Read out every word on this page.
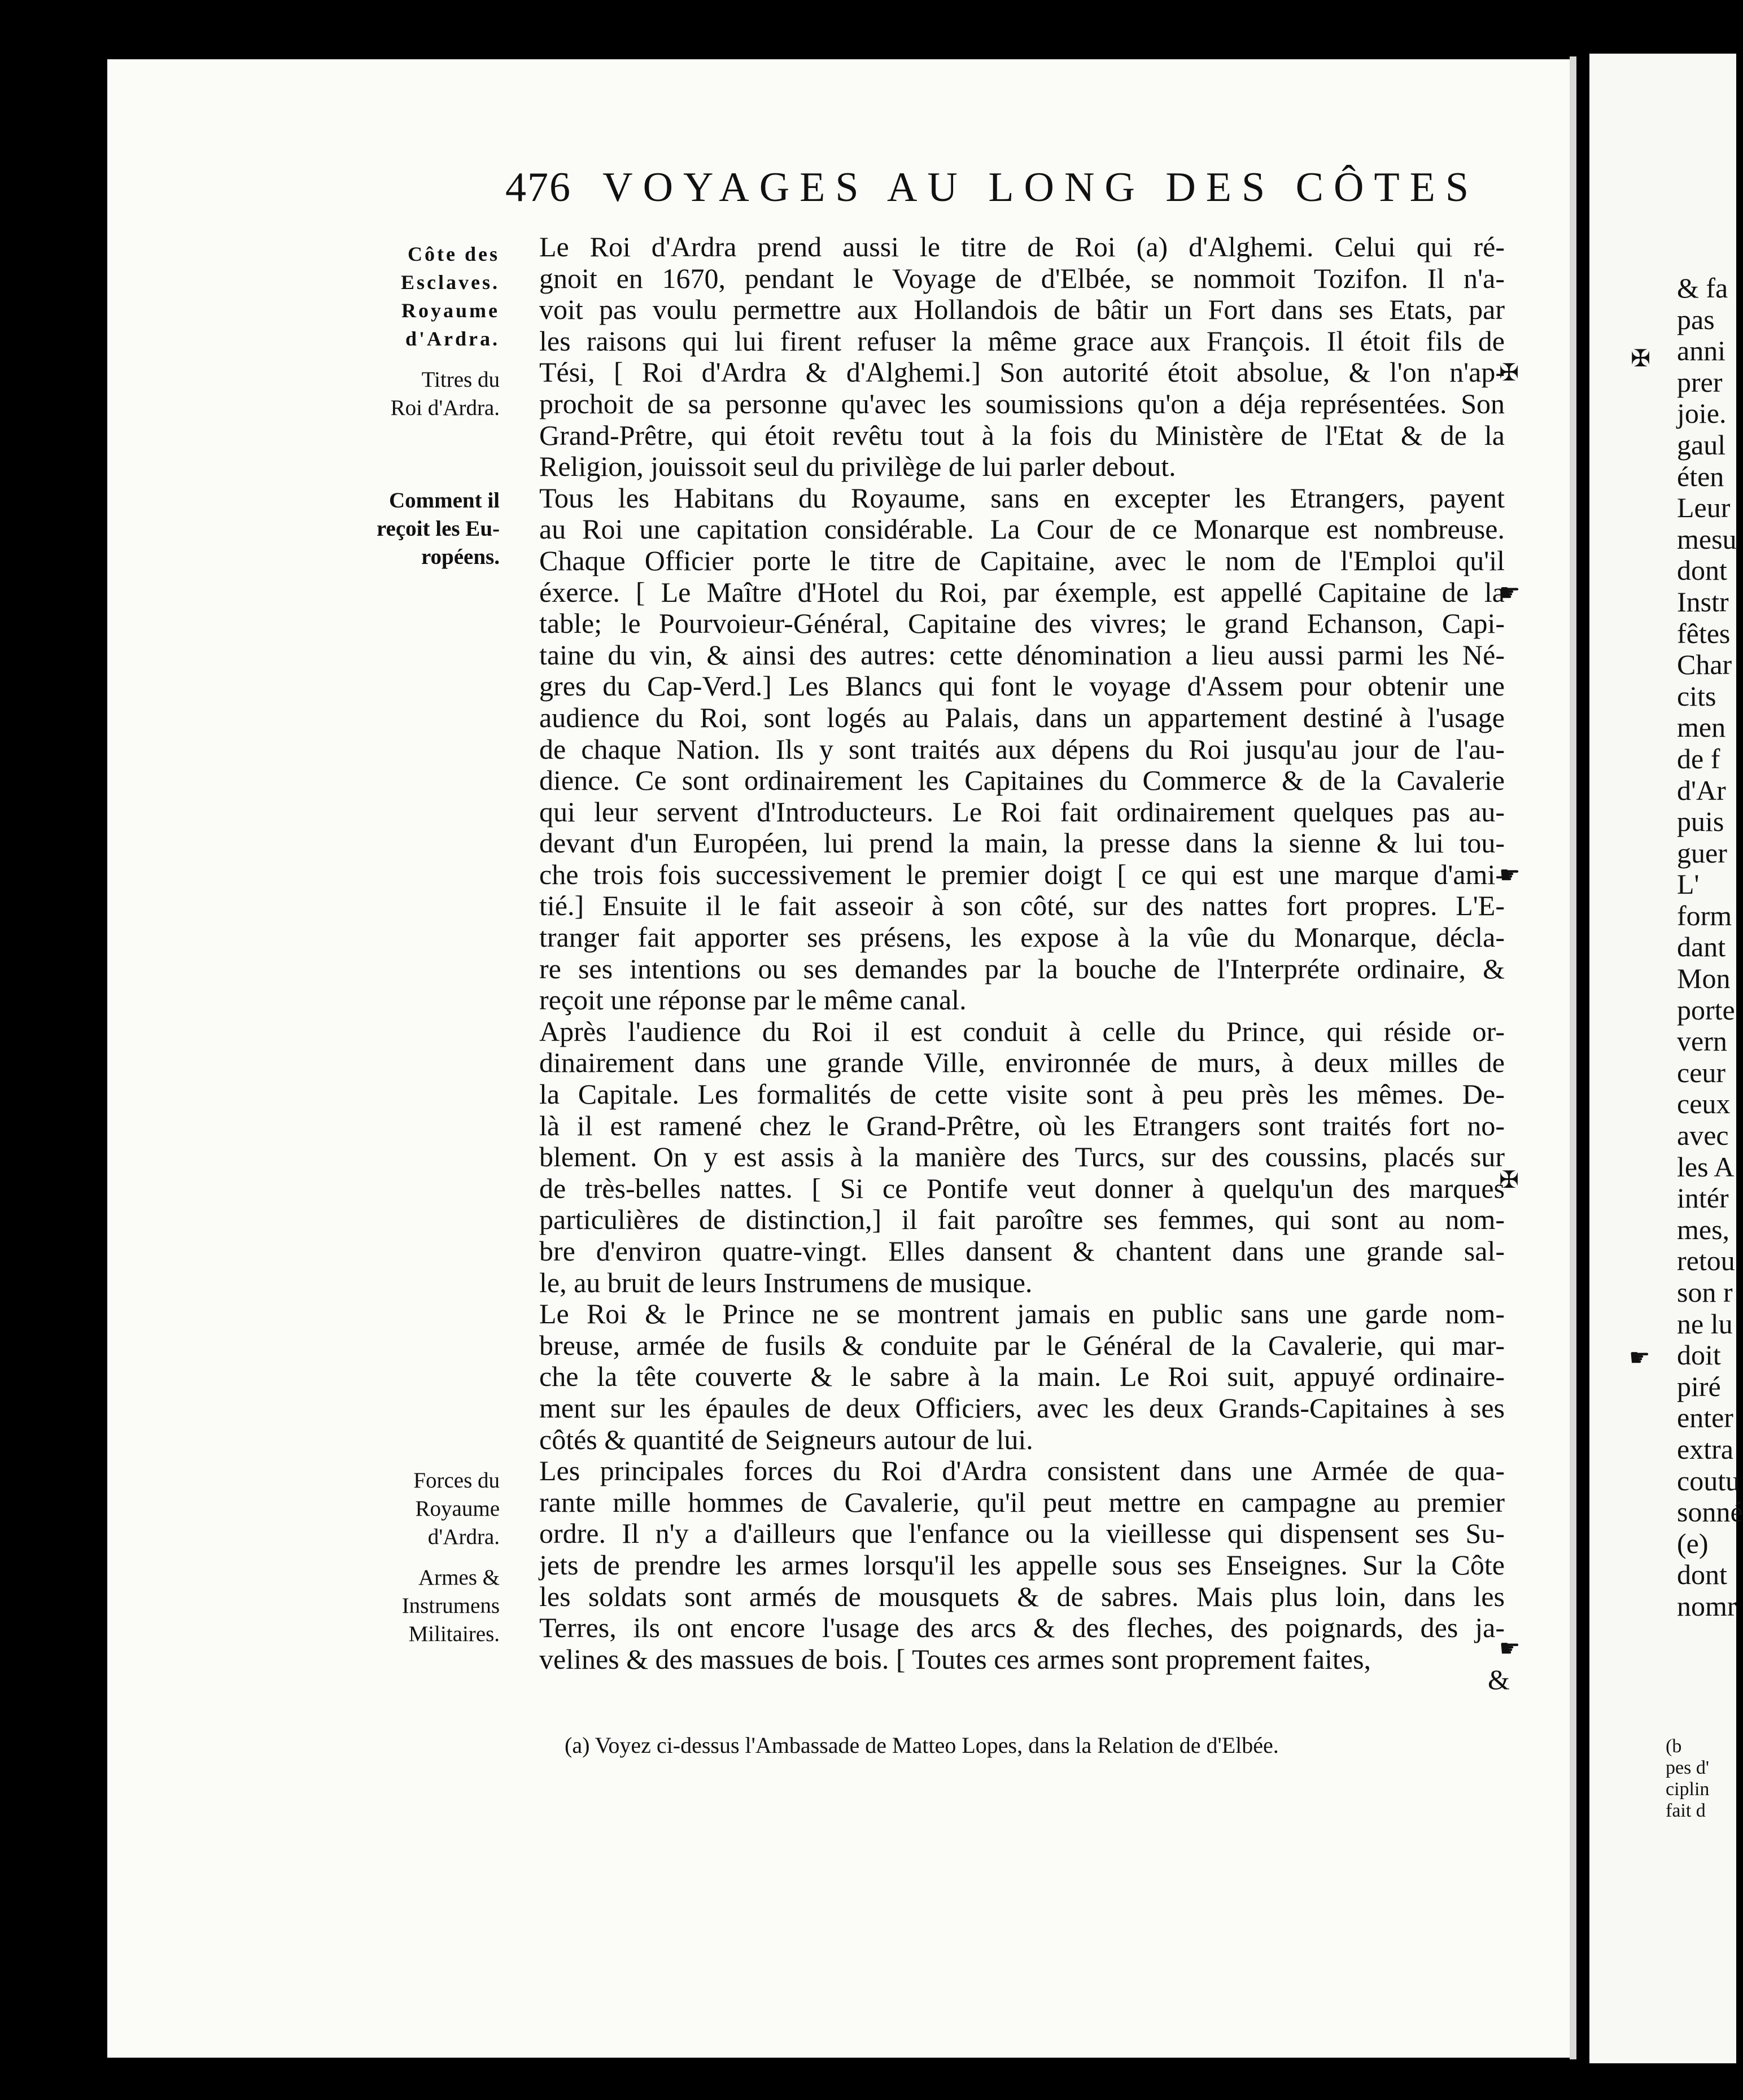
& fa
pas
anni
prer
joie.
gaul
éten
Leur
mesu
dont
Instr
fêtes
Char
cits
men
de f
d'Ar
puis
guer
L'
form
dant
Mon
porte
vern
ceur
ceux
avec
les A
intér
mes,
retou
son r
ne lu
doit
piré
enter
extra
coutu
sonné
(e)
dont
nomr
(b
pes d'
ciplin
fait d
476 VOYAGES AU LONG DES CÔTES
Côte des
Esclaves.
Royaume
d'Ardra.
Titres du
Roi d'Ardra.
Comment il
reçoit les Eu-
ropéens.
Forces du
Royaume
d'Ardra.
Armes &
Instrumens
Militaires.
Le Roi d'Ardra prend aussi le titre de Roi (a) d'Alghemi. Celui qui ré-
gnoit en 1670, pendant le Voyage de d'Elbée, se nommoit Tozifon. Il n'a-
voit pas voulu permettre aux Hollandois de bâtir un Fort dans ses Etats, par
les raisons qui lui firent refuser la même grace aux François. Il étoit fils de
Tési, [ Roi d'Ardra & d'Alghemi.] Son autorité étoit absolue, & l'on n'ap-
prochoit de sa personne qu'avec les soumissions qu'on a déja représentées. Son
Grand-Prêtre, qui étoit revêtu tout à la fois du Ministère de l'Etat & de la
Religion, jouissoit seul du privilège de lui parler debout.
Tous les Habitans du Royaume, sans en excepter les Etrangers, payent
au Roi une capitation considérable. La Cour de ce Monarque est nombreuse.
Chaque Officier porte le titre de Capitaine, avec le nom de l'Emploi qu'il
éxerce. [ Le Maître d'Hotel du Roi, par éxemple, est appellé Capitaine de la
table; le Pourvoieur-Général, Capitaine des vivres; le grand Echanson, Capi-
taine du vin, & ainsi des autres: cette dénomination a lieu aussi parmi les Né-
gres du Cap-Verd.] Les Blancs qui font le voyage d'Assem pour obtenir une
audience du Roi, sont logés au Palais, dans un appartement destiné à l'usage
de chaque Nation. Ils y sont traités aux dépens du Roi jusqu'au jour de l'au-
dience. Ce sont ordinairement les Capitaines du Commerce & de la Cavalerie
qui leur servent d'Introducteurs. Le Roi fait ordinairement quelques pas au-
devant d'un Européen, lui prend la main, la presse dans la sienne & lui tou-
che trois fois successivement le premier doigt [ ce qui est une marque d'ami-
tié.] Ensuite il le fait asseoir à son côté, sur des nattes fort propres. L'E-
tranger fait apporter ses présens, les expose à la vûe du Monarque, décla-
re ses intentions ou ses demandes par la bouche de l'Interpréte ordinaire, &
reçoit une réponse par le même canal.
Après l'audience du Roi il est conduit à celle du Prince, qui réside or-
dinairement dans une grande Ville, environnée de murs, à deux milles de
la Capitale. Les formalités de cette visite sont à peu près les mêmes. De-
là il est ramené chez le Grand-Prêtre, où les Etrangers sont traités fort no-
blement. On y est assis à la manière des Turcs, sur des coussins, placés sur
de très-belles nattes. [ Si ce Pontife veut donner à quelqu'un des marques
particulières de distinction,] il fait paroître ses femmes, qui sont au nom-
bre d'environ quatre-vingt. Elles dansent & chantent dans une grande sal-
le, au bruit de leurs Instrumens de musique.
Le Roi & le Prince ne se montrent jamais en public sans une garde nom-
breuse, armée de fusils & conduite par le Général de la Cavalerie, qui mar-
che la tête couverte & le sabre à la main. Le Roi suit, appuyé ordinaire-
ment sur les épaules de deux Officiers, avec les deux Grands-Capitaines à ses
côtés & quantité de Seigneurs autour de lui.
Les principales forces du Roi d'Ardra consistent dans une Armée de qua-
rante mille hommes de Cavalerie, qu'il peut mettre en campagne au premier
ordre. Il n'y a d'ailleurs que l'enfance ou la vieillesse qui dispensent ses Su-
jets de prendre les armes lorsqu'il les appelle sous ses Enseignes. Sur la Côte
les soldats sont armés de mousquets & de sabres. Mais plus loin, dans les
Terres, ils ont encore l'usage des arcs & des fleches, des poignards, des ja-
velines & des massues de bois. [ Toutes ces armes sont proprement faites,
✠
☛
☛
✠
☛
✠
☛
&
(a) Voyez ci-dessus l'Ambassade de Matteo Lopes, dans la Relation de d'Elbée.
